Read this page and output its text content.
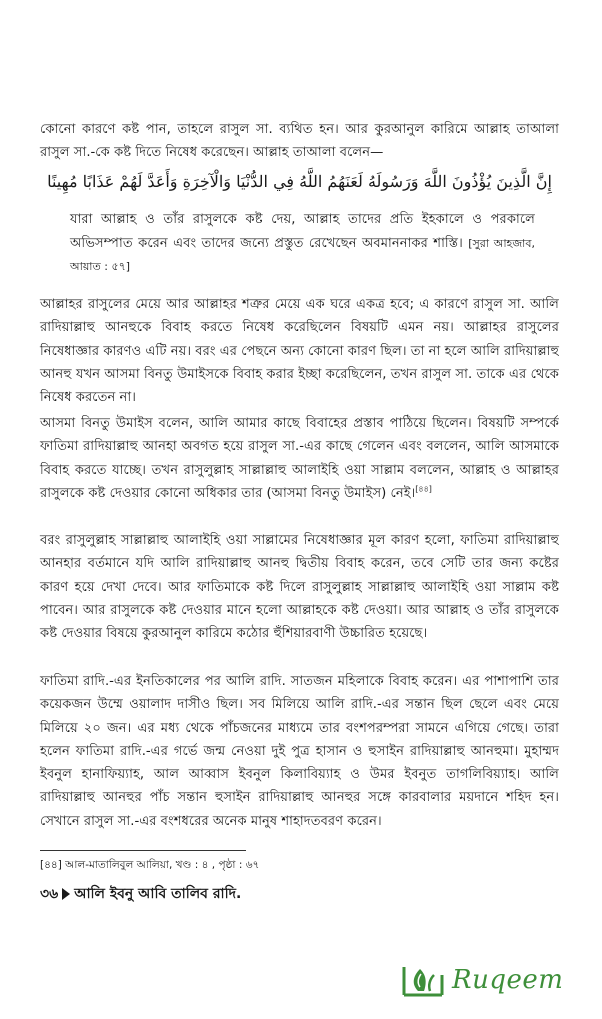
কোনো কারণে কষ্ট পান, তাহলে রাসুল সা. ব্যথিত হন। আর কুরআনুল কারিমে আল্লাহ তাআলা রাসুল সা.-কে কষ্ট দিতে নিষেধ করেছেন। আল্লাহ তাআলা বলেন—

إِنَّ الَّذِينَ يُؤْذُونَ اللَّهَ وَرَسُولَهُ لَعَنَهُمُ اللَّهُ فِي الدُّنْيَا وَالْآخِرَةِ وَأَعَدَّ لَهُمْ عَذَابًا مُهِينًا

যারা আল্লাহ ও তাঁর রাসুলকে কষ্ট দেয়, আল্লাহ তাদের প্রতি ইহকালে ও পরকালে অভিসম্পাত করেন এবং তাদের জন্যে প্রস্তুত রেখেছেন অবমাননাকর শাস্তি। [সুরা আহজাব, আয়াত : ৫৭]

আল্লাহর রাসুলের মেয়ে আর আল্লাহর শত্রুর মেয়ে এক ঘরে একত্র হবে; এ কারণে রাসুল সা. আলি রাদিয়াল্লাহু আনহুকে বিবাহ করতে নিষেধ করেছিলেন বিষয়টি এমন নয়। আল্লাহর রাসুলের নিষেধাজ্ঞার কারণও এটি নয়। বরং এর পেছনে অন্য কোনো কারণ ছিল। তা না হলে আলি রাদিয়াল্লাহু আনহু যখন আসমা বিনতু উমাইসকে বিবাহ করার ইচ্ছা করেছিলেন, তখন রাসুল সা. তাকে এর থেকে নিষেধ করতেন না।

আসমা বিনতু উমাইস বলেন, আলি আমার কাছে বিবাহের প্রস্তাব পাঠিয়ে ছিলেন। বিষয়টি সম্পর্কে ফাতিমা রাদিয়াল্লাহু আনহা অবগত হয়ে রাসুল সা.-এর কাছে গেলেন এবং বললেন, আলি আসমাকে বিবাহ করতে যাচ্ছে। তখন রাসুলুল্লাহ সাল্লাল্লাহু আলাইহি ওয়া সাল্লাম বললেন, আল্লাহ ও আল্লাহর রাসুলকে কষ্ট দেওয়ার কোনো অধিকার তার (আসমা বিনতু উমাইস) নেই।[৪৪]

বরং রাসুলুল্লাহ সাল্লাল্লাহু আলাইহি ওয়া সাল্লামের নিষেধাজ্ঞার মূল কারণ হলো, ফাতিমা রাদিয়াল্লাহু আনহার বর্তমানে যদি আলি রাদিয়াল্লাহু আনহু দ্বিতীয় বিবাহ করেন, তবে সেটি তার জন্য কষ্টের কারণ হয়ে দেখা দেবে। আর ফাতিমাকে কষ্ট দিলে রাসুলুল্লাহ সাল্লাল্লাহু আলাইহি ওয়া সাল্লাম কষ্ট পাবেন। আর রাসুলকে কষ্ট দেওয়ার মানে হলো আল্লাহকে কষ্ট দেওয়া। আর আল্লাহ ও তাঁর রাসুলকে কষ্ট দেওয়ার বিষয়ে কুরআনুল কারিমে কঠোর হুঁশিয়ারবাণী উচ্চারিত হয়েছে।

ফাতিমা রাদি.-এর ইনতিকালের পর আলি রাদি. সাতজন মহিলাকে বিবাহ করেন। এর পাশাপাশি তার কয়েকজন উম্মে ওয়ালাদ দাসীও ছিল। সব মিলিয়ে আলি রাদি.-এর সন্তান ছিল ছেলে এবং মেয়ে মিলিয়ে ২০ জন। এর মধ্য থেকে পাঁচজনের মাধ্যমে তার বংশপরম্পরা সামনে এগিয়ে গেছে। তারা হলেন ফাতিমা রাদি.-এর গর্ভে জন্ম নেওয়া দুই পুত্র হাসান ও হুসাইন রাদিয়াল্লাহু আনহুমা। মুহাম্মদ ইবনুল হানাফিয়্যাহ, আল আব্বাস ইবনুল কিলাবিয়্যাহ ও উমর ইবনুত তাগলিবিয়্যাহ। আলি রাদিয়াল্লাহু আনহুর পাঁচ সন্তান হুসাইন রাদিয়াল্লাহু আনহুর সঙ্গে কারবালার ময়দানে শহিদ হন। সেখানে রাসুল সা.-এর বংশধরের অনেক মানুষ শাহাদতবরণ করেন।

[৪৪] আল-মাতালিবুল আলিয়া, খণ্ড : ৪ , পৃষ্ঠা : ৬৭

৩৬ আলি ইবনু আবি তালিব রাদি.
Ruqeem
